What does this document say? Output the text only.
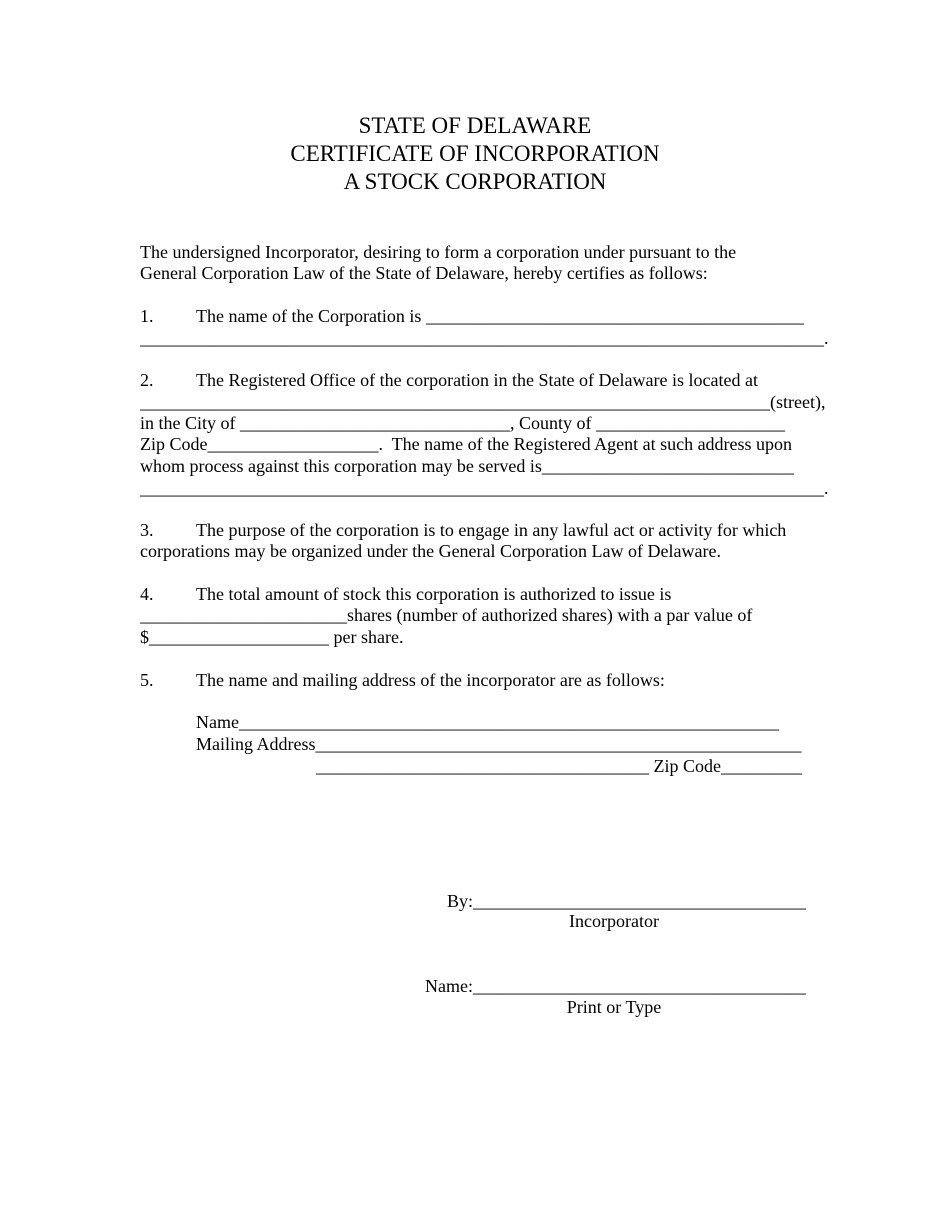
STATE OF DELAWARE
CERTIFICATE OF INCORPORATION
A STOCK CORPORATION
The undersigned Incorporator, desiring to form a corporation under pursuant to the
General Corporation Law of the State of Delaware, hereby certifies as follows:
1. The name of the Corporation is __________________________________________
____________________________________________________________________________.
2. The Registered Office of the corporation in the State of Delaware is located at
______________________________________________________________________(street),
in the City of ______________________________, County of _____________________
Zip Code___________________.  The name of the Registered Agent at such address upon
whom process against this corporation may be served is____________________________
____________________________________________________________________________.
3. The purpose of the corporation is to engage in any lawful act or activity for which
corporations may be organized under the General Corporation Law of Delaware.
4. The total amount of stock this corporation is authorized to issue is
_______________________shares (number of authorized shares) with a par value of
$____________________ per share.
5. The name and mailing address of the incorporator are as follows:
Name____________________________________________________________
Mailing Address______________________________________________________
_____________________________________ Zip Code_________
By:_____________________________________
Incorporator
Name:_____________________________________
Print or Type
